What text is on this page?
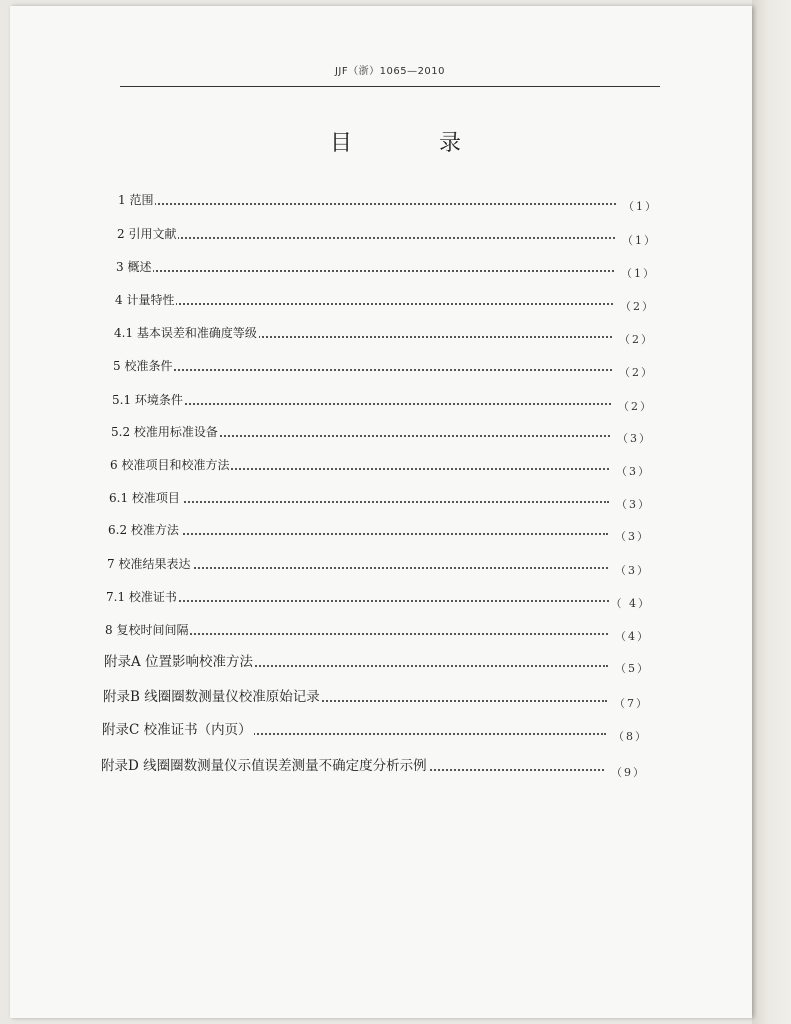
JJF（浙）1065—2010
目 录
1 范围	（1）
2 引用文献	（1）
3 概述	（1）
4 计量特性	（2）
4.1 基本误差和准确度等级	（2）
5 校准条件	（2）
5.1 环境条件	（2）
5.2 校准用标准设备	（3）
6 校准项目和校准方法	（3）
6.1 校准项目	（3）
6.2 校准方法	（3）
7 校准结果表达	（3）
7.1 校准证书	（ 4）
8 复校时间间隔	（4）
附录A 位置影响校准方法	（5）
附录B 线圈圈数测量仪校准原始记录	（7）
附录C 校准证书（内页）	（8）
附录D 线圈圈数测量仪示值误差测量不确定度分析示例	（9）
